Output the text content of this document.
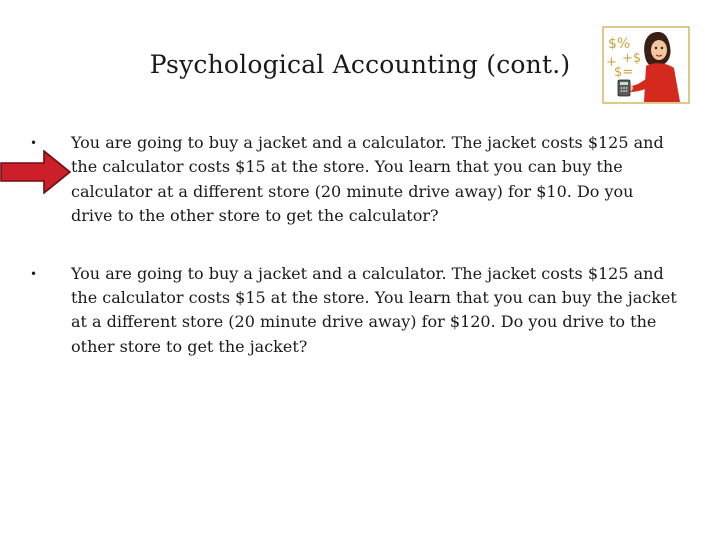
Psychological Accounting (cont.)
$%
+$
+
$=
•	You are going to buy a jacket and a calculator. The jacket costs $125 and the calculator costs $15 at the store. You learn that you can buy the calculator at a different store (20 minute drive away) for $10. Do you drive to the other store to get the calculator?
•	You are going to buy a jacket and a calculator. The jacket costs $125 and the calculator costs $15 at the store. You learn that you can buy the jacket at a different store (20 minute drive away) for $120. Do you drive to the other store to get the jacket?
